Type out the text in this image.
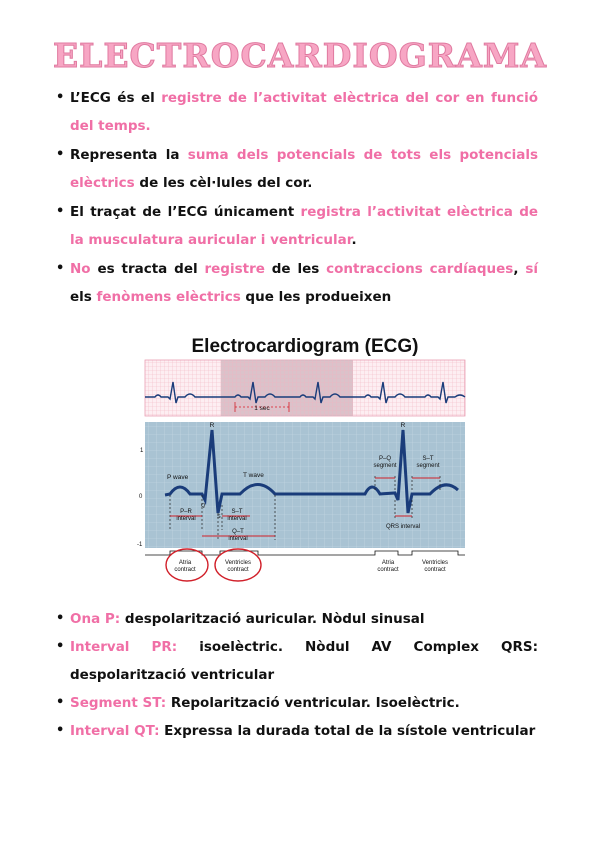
ELECTROCARDIOGRAMA
• L’ECG és el registre de l’activitat elèctrica del cor en funció del temps.
• Representa la suma dels potencials de tots els potencials elèctrics de les cèl·lules del cor.
• El traçat de l’ECG únicament registra l’activitat elèctrica de la musculatura auricular i ventricular.
• No es tracta del registre de les contraccions cardíaques, sí els fenòmens elèctrics que les produeixen
Electrocardiogram (ECG)
1 sec
1
0
-1
R	R
P wave	T wave
Q
S
P–R interval
S–T interval
Q–T interval
P–Q segment
S–T segment
QRS interval
Atria contract
Ventricles contract
Atria contract
Ventricles contract
• Ona P: despolarització auricular. Nòdul sinusal
• Interval PR: isoelèctric. Nòdul AV Complex QRS: despolarització ventricular
• Segment ST: Repolarització ventricular. Isoelèctric.
• Interval QT: Expressa la durada total de la sístole ventricular
